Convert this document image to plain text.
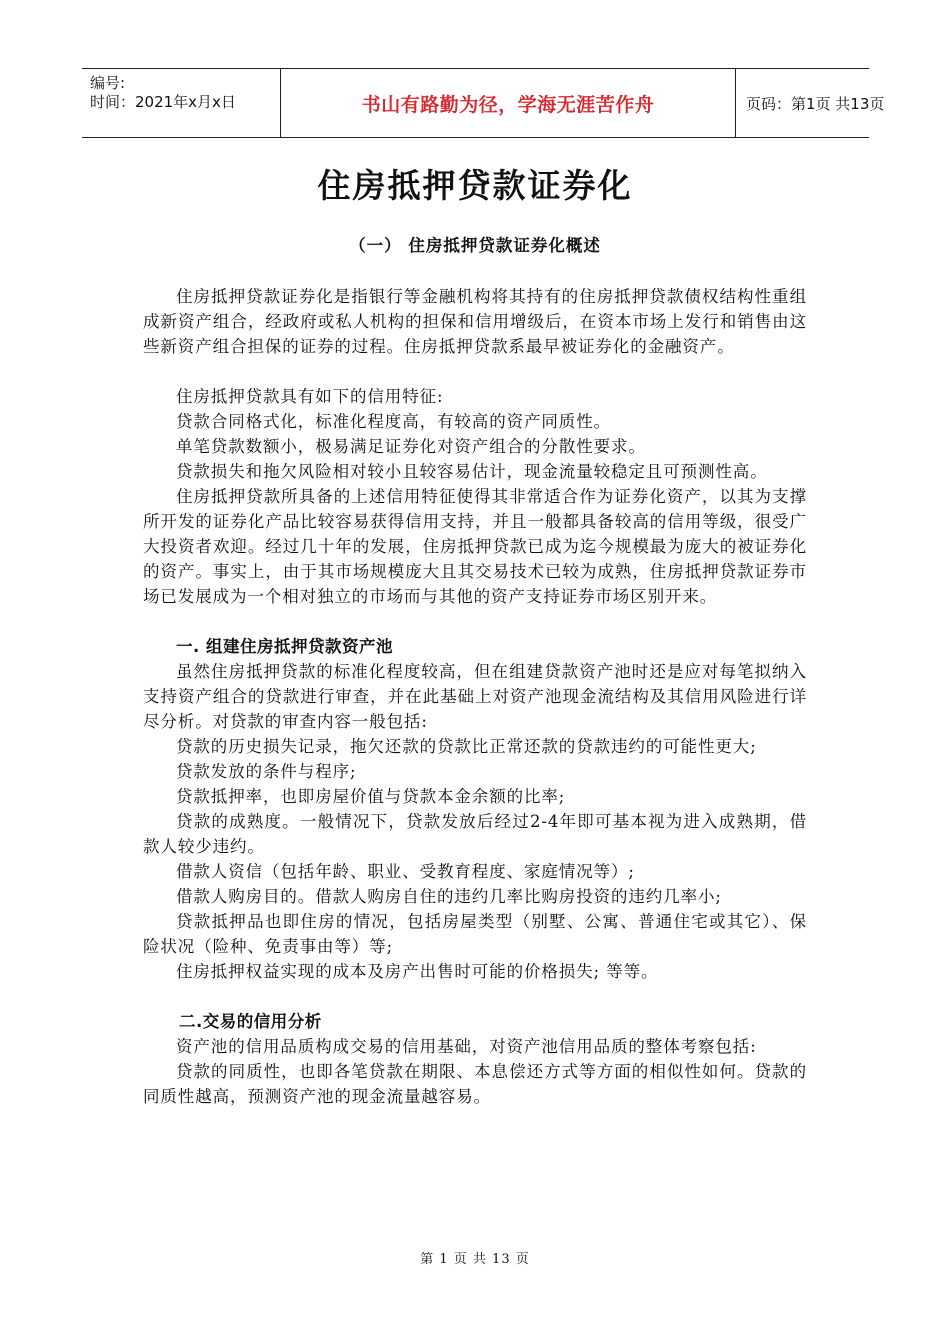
编号:
时间：2021年x月x日	书山有路勤为径，学海无涯苦作舟	页码：第1页 共13页
住房抵押贷款证券化
（一） 住房抵押贷款证券化概述

住房抵押贷款证券化是指银行等金融机构将其持有的住房抵押贷款债权结构性重组成新资产组合，经政府或私人机构的担保和信用增级后，在资本市场上发行和销售由这些新资产组合担保的证券的过程。住房抵押贷款系最早被证券化的金融资产。

住房抵押贷款具有如下的信用特征:

贷款合同格式化，标准化程度高，有较高的资产同质性。

单笔贷款数额小，极易满足证券化对资产组合的分散性要求。

贷款损失和拖欠风险相对较小且较容易估计，现金流量较稳定且可预测性高。

住房抵押贷款所具备的上述信用特征使得其非常适合作为证券化资产，以其为支撑所开发的证券化产品比较容易获得信用支持，并且一般都具备较高的信用等级，很受广大投资者欢迎。经过几十年的发展，住房抵押贷款已成为迄今规模最为庞大的被证券化的资产。事实上，由于其市场规模庞大且其交易技术已较为成熟，住房抵押贷款证券市场已发展成为一个相对独立的市场而与其他的资产支持证券市场区别开来。

一. 组建住房抵押贷款资产池

虽然住房抵押贷款的标准化程度较高，但在组建贷款资产池时还是应对每笔拟纳入支持资产组合的贷款进行审查，并在此基础上对资产池现金流结构及其信用风险进行详尽分析。对贷款的审查内容一般包括:

贷款的历史损失记录，拖欠还款的贷款比正常还款的贷款违约的可能性更大;

贷款发放的条件与程序;

贷款抵押率，也即房屋价值与贷款本金余额的比率;

贷款的成熟度。一般情况下，贷款发放后经过2-4年即可基本视为进入成熟期，借款人较少违约。

借款人资信（包括年龄、职业、受教育程度、家庭情况等）;

借款人购房目的。借款人购房自住的违约几率比购房投资的违约几率小;

贷款抵押品也即住房的情况，包括房屋类型（别墅、公寓、普通住宅或其它）、保险状况（险种、免责事由等）等;

住房抵押权益实现的成本及房产出售时可能的价格损失; 等等。

二.交易的信用分析

资产池的信用品质构成交易的信用基础，对资产池信用品质的整体考察包括:

贷款的同质性，也即各笔贷款在期限、本息偿还方式等方面的相似性如何。贷款的同质性越高，预测资产池的现金流量越容易。

第 1 页 共 13 页
